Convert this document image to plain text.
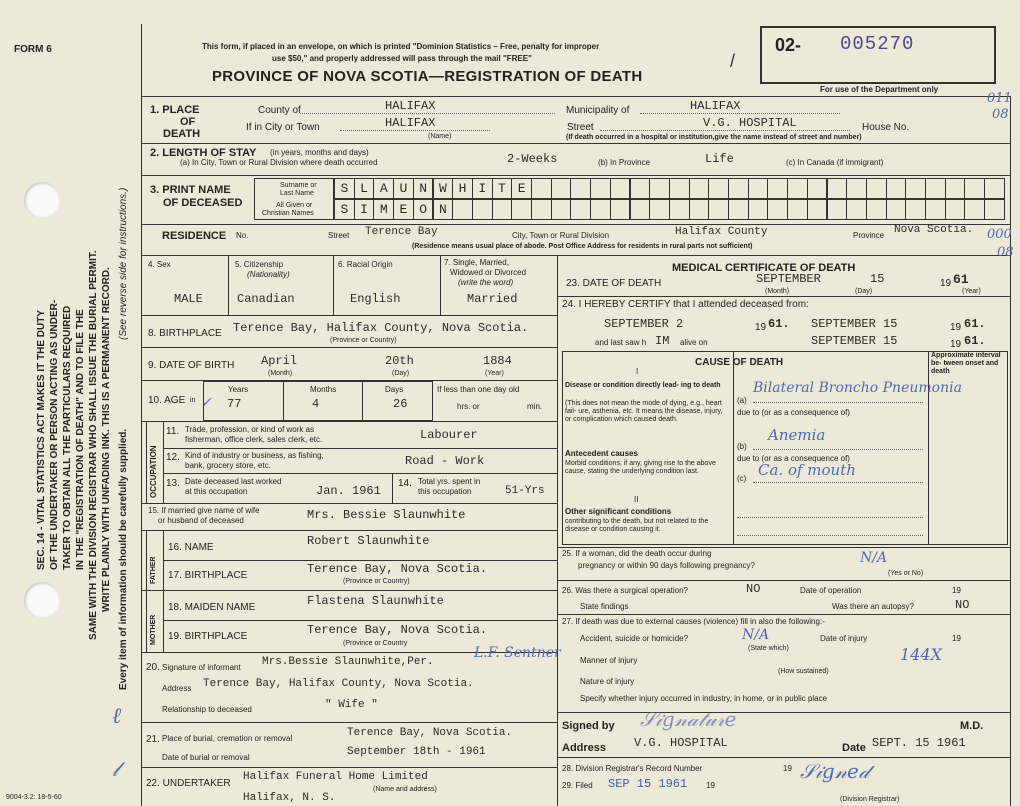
FORM 6
9004-3.2: 18-5-60
SEC. 14 - VITAL STATISTICS ACT MAKES IT THE DUTY OF THE UNDERTAKER OR PERSON ACTING AS UNDER- TAKER TO OBTAIN ALL THE PARTICULARS REQUIRED IN THE "REGISTRATION OF DEATH" AND TO FILE THE SAME WITH THE DIVISION REGISTRAR WHO SHALL ISSUE THE BURIAL PERMIT. WRITE PLAINLY WITH UNFADING INK. THIS IS A PERMANENT RECORD. Every item of information should be carefully supplied.
(See reverse side for instructions.)
This form, if placed in an envelope, on which is printed "Dominion Statistics – Free, penalty for improper
use $50," and properly addressed will pass through the mail "FREE"
PROVINCE OF NOVA SCOTIA—REGISTRATION OF DEATH
02- 005270
For use of the Department only
/
011
08
000
08
1. PLACE
OF
DEATH
County of	HALIFAX	Municipality of	HALIFAX
If in City or Town	HALIFAX
(Name)
Street	V.G. HOSPITAL	House No.
(If death occurred in a hospital or institution,give the name instead of street and number)
2. LENGTH OF STAY (in years, months and days)
(a) In City, Town or Rural Division where death occurred	2-Weeks	(b) In Province	Life	(c) In Canada (if immigrant)
3. PRINT NAME
OF DECEASED
Surname or
Last Name
All Given or
Christian Names
S L A U N W H I T E
S I M E O N
RESIDENCE No.	Street Terence Bay	City, Town or Rural Division	Halifax County	Province Nova Scotia.
(Residence means usual place of abode. Post Office Address for residents in rural parts not sufficient)
4. Sex
MALE
5. Citizenship
(Nationality)
Canadian
6. Racial Origin
English
7. Single, Married,
Widowed or Divorced
(write the word)
Married
8. BIRTHPLACE Terence Bay, Halifax County, Nova Scotia.
(Province or Country)
9. DATE OF BIRTH April	20th	1884
(Month)	(Day)	(Year)
10. AGE in ✓
Years
77
Months
4
Days
26
If less than one day old
hrs. or	min.
OCCUPATION
11. Trade, profession, or kind of work as
fisherman, office clerk, sales clerk, etc.	Labourer
12. Kind of industry or business, as fishing,
bank, grocery store, etc.	Road - Work
13. Date deceased last worked
at this occupation	Jan. 1961
14. Total yrs. spent in
this occupation	51-Yrs
15. If married give name of wife
or husband of deceased	Mrs. Bessie Slaunwhite
FATHER
16. NAME	Robert Slaunwhite
17. BIRTHPLACE	Terence Bay, Nova Scotia.
(Province or Country)
MOTHER
18. MAIDEN NAME	Flastena Slaunwhite
19. BIRTHPLACE	Terence Bay, Nova Scotia.
(Province or Country
20. Signature of informant Mrs.Bessie Slaunwhite,Per.
L.F. Sentner
Address Terence Bay, Halifax County, Nova Scotia.
Relationship to deceased	" Wife "
21. Place of burial, cremation or removal	Terence Bay, Nova Scotia.
Date of burial or removal	September 18th - 1961
22. UNDERTAKER
Halifax Funeral Home Limited
(Name and address)
Halifax, N. S.
MEDICAL CERTIFICATE OF DEATH
23. DATE OF DEATH	SEPTEMBER	15	19 61
(Month)	(Day)	(Year)
24. I HEREBY CERTIFY that I attended deceased from:
SEPTEMBER 2	19 61. SEPTEMBER 15	19 61.
and last saw h IM alive on	SEPTEMBER 15	19 61.
CAUSE OF DEATH
Approximate interval be- tween onset and death
I
Disease or condition directly lead- ing to death
(This does not mean the mode of dying, e.g., heart fail- ure, asthenia, etc. It means the disease, injury, or complication which caused death.
(a)
Bilateral Broncho Pneumonia
due to (or as a consequence of)
Antecedent causes
Morbid conditions, if any, giving rise to the above cause, stating the underlying condition last.
(b)
Anemia
due to (or as a consequence of)
(c) Ca. of mouth
II
Other significant conditions
contributing to the death, but not related to the disease or condition causing it.
25. If a woman, did the death occur during
pregnancy or within 90 days following pregnancy?	N/A
(Yes or No)
26. Was there a surgical operation?	NO	Date of operation	19
State findings	Was there an autopsy?	NO
27. If death was due to external causes (violence) fill in also the following:-
Accident, suicide or homicide?	N/A
(State which)
Date of injury	19
Manner of injury	144X
(How sustained)
Nature of injury
Specify whether injury occurred in industry, in home, or in public place
Signed by 𝒮𝒾𝑔𝓃𝒶𝓉𝓊𝓇𝑒	M.D.
Address V.G. HOSPITAL	Date SEPT. 15 1961
28. Division Registrar's Record Number	19
29. Filed SEP 15 1961 19
𝒮𝒾𝑔𝓃𝑒𝒹
(Division Registrar)
ℓ
𝓁
